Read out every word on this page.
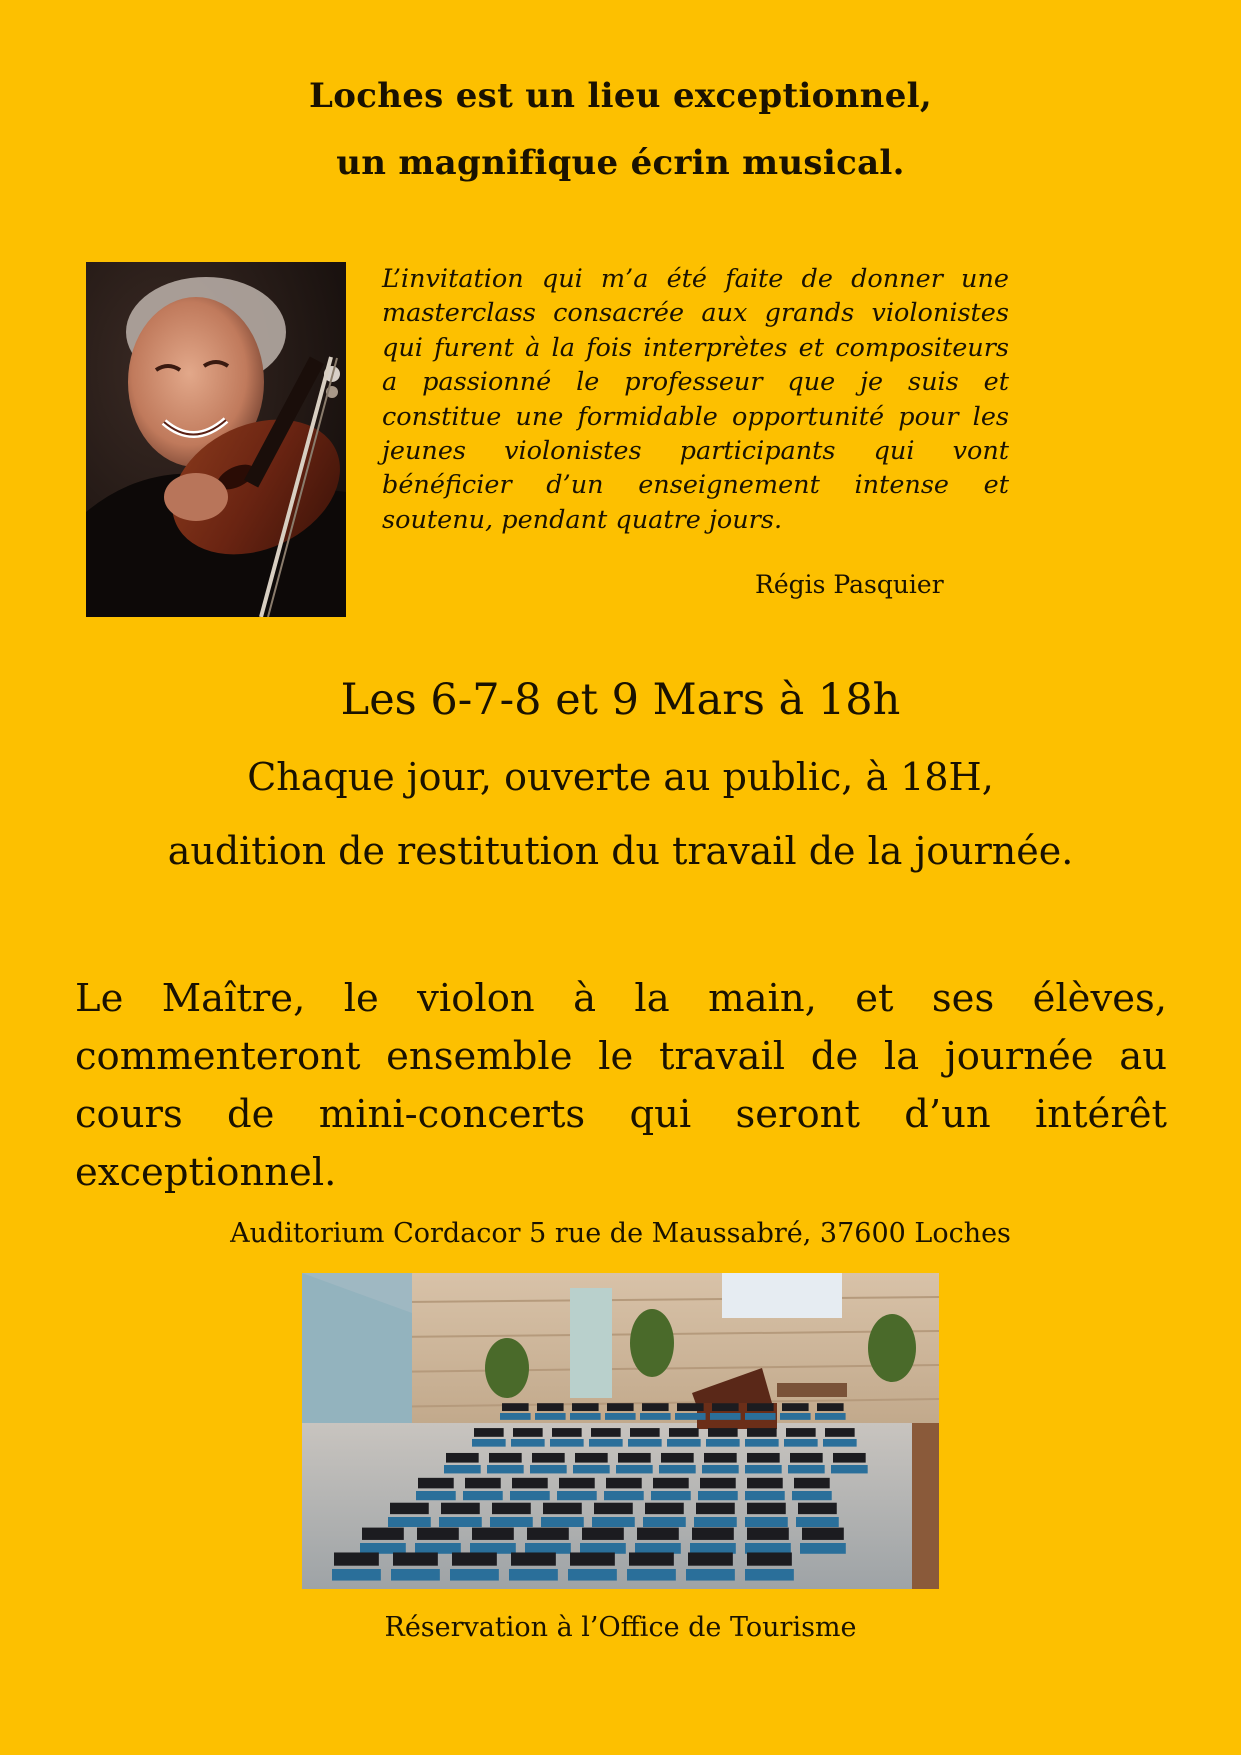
Loches est un lieu exceptionnel,
un magnifique écrin musical.
L’invitation qui m’a été faite de donner une masterclass consacrée aux grands violonistes qui furent à la fois interprètes et compositeurs a passionné le professeur que je suis et constitue une formidable opportunité pour les jeunes violonistes participants qui vont bénéficier d’un enseignement intense et soutenu, pendant quatre jours.
Régis Pasquier
Les 6-7-8 et 9 Mars à 18h
Chaque jour, ouverte au public, à 18H,
audition de restitution du travail de la journée.
Le Maître, le violon à la main, et ses élèves, commenteront ensemble le travail de la journée au cours de mini-concerts qui seront d’un intérêt exceptionnel.
Auditorium Cordacor 5 rue de Maussabré, 37600 Loches
Réservation à l’Office de Tourisme
